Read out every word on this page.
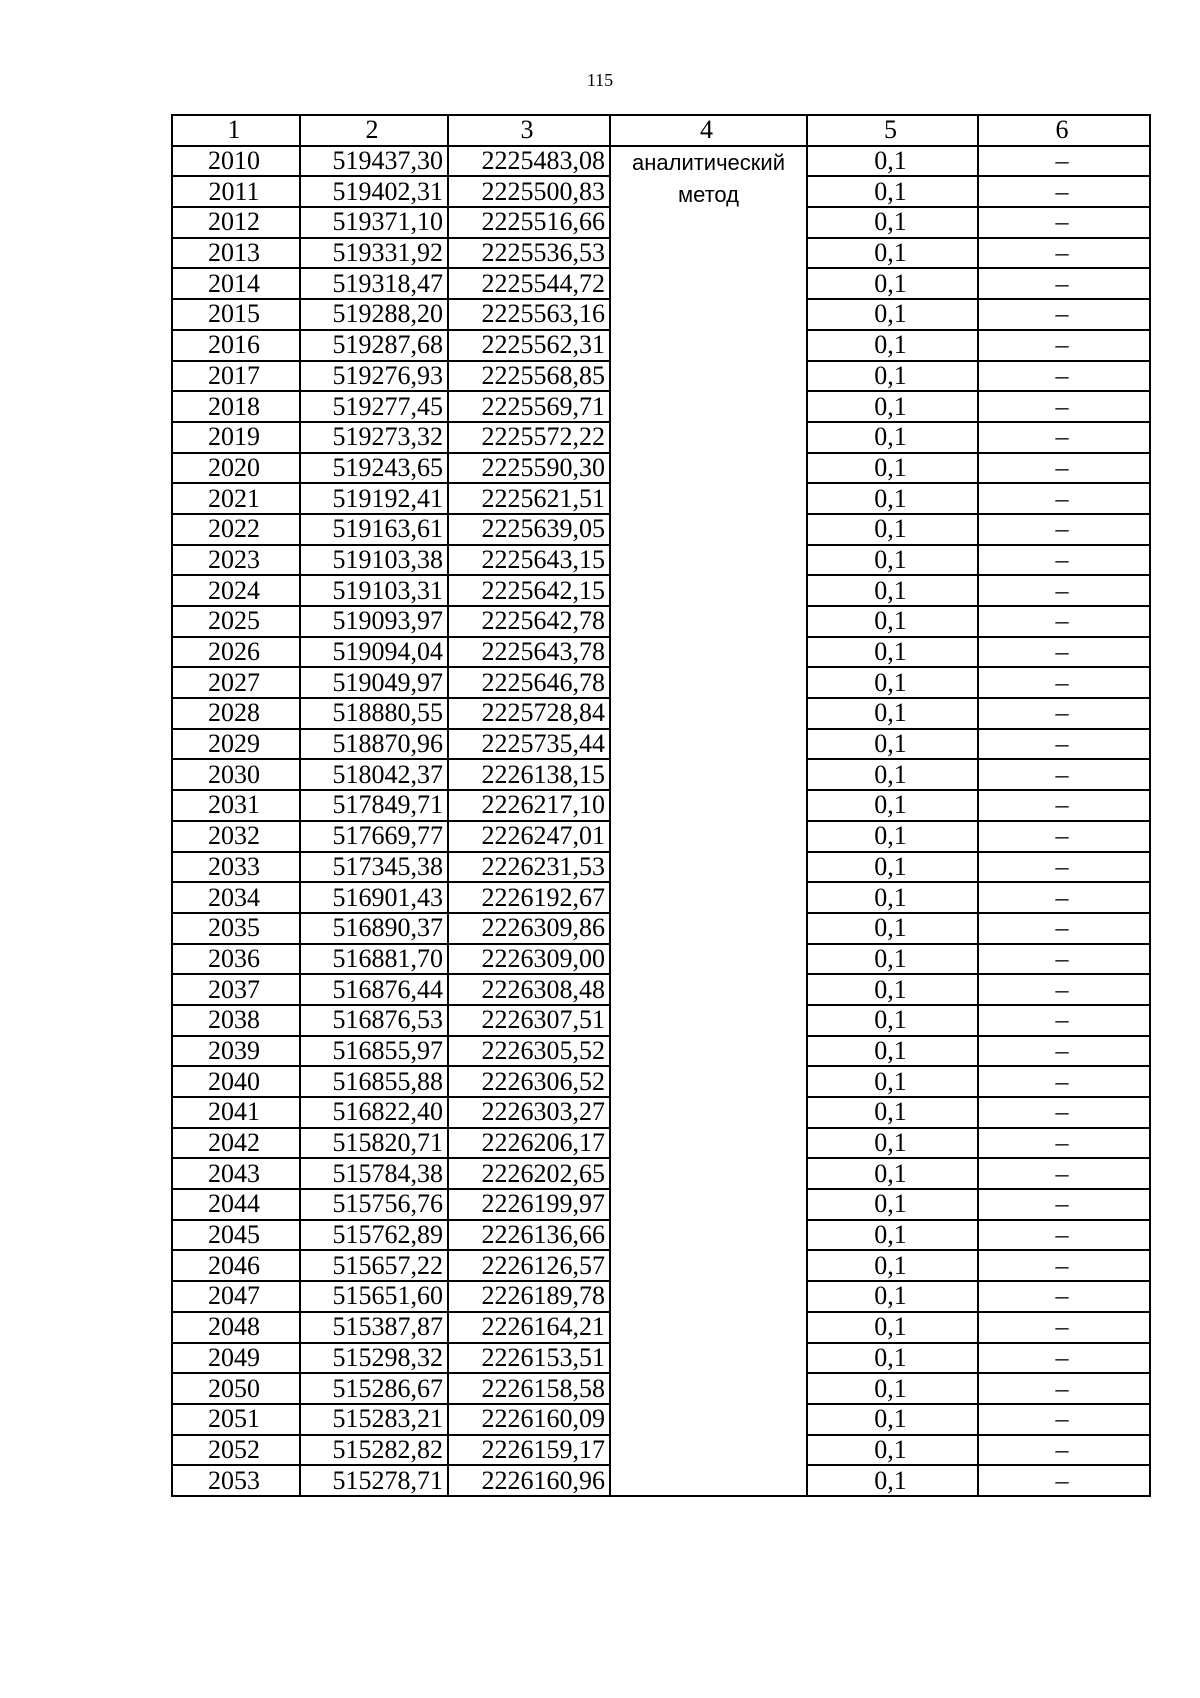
115
1	2	3	4	5	6
2010	519437,30	2225483,08	аналитический метод	0,1	–
2011	519402,31	2225500,83		0,1	–
2012	519371,10	2225516,66		0,1	–
2013	519331,92	2225536,53		0,1	–
2014	519318,47	2225544,72		0,1	–
2015	519288,20	2225563,16		0,1	–
2016	519287,68	2225562,31		0,1	–
2017	519276,93	2225568,85		0,1	–
2018	519277,45	2225569,71		0,1	–
2019	519273,32	2225572,22		0,1	–
2020	519243,65	2225590,30		0,1	–
2021	519192,41	2225621,51		0,1	–
2022	519163,61	2225639,05		0,1	–
2023	519103,38	2225643,15		0,1	–
2024	519103,31	2225642,15		0,1	–
2025	519093,97	2225642,78		0,1	–
2026	519094,04	2225643,78		0,1	–
2027	519049,97	2225646,78		0,1	–
2028	518880,55	2225728,84		0,1	–
2029	518870,96	2225735,44		0,1	–
2030	518042,37	2226138,15		0,1	–
2031	517849,71	2226217,10		0,1	–
2032	517669,77	2226247,01		0,1	–
2033	517345,38	2226231,53		0,1	–
2034	516901,43	2226192,67		0,1	–
2035	516890,37	2226309,86		0,1	–
2036	516881,70	2226309,00		0,1	–
2037	516876,44	2226308,48		0,1	–
2038	516876,53	2226307,51		0,1	–
2039	516855,97	2226305,52		0,1	–
2040	516855,88	2226306,52		0,1	–
2041	516822,40	2226303,27		0,1	–
2042	515820,71	2226206,17		0,1	–
2043	515784,38	2226202,65		0,1	–
2044	515756,76	2226199,97		0,1	–
2045	515762,89	2226136,66		0,1	–
2046	515657,22	2226126,57		0,1	–
2047	515651,60	2226189,78		0,1	–
2048	515387,87	2226164,21		0,1	–
2049	515298,32	2226153,51		0,1	–
2050	515286,67	2226158,58		0,1	–
2051	515283,21	2226160,09		0,1	–
2052	515282,82	2226159,17		0,1	–
2053	515278,71	2226160,96		0,1	–
